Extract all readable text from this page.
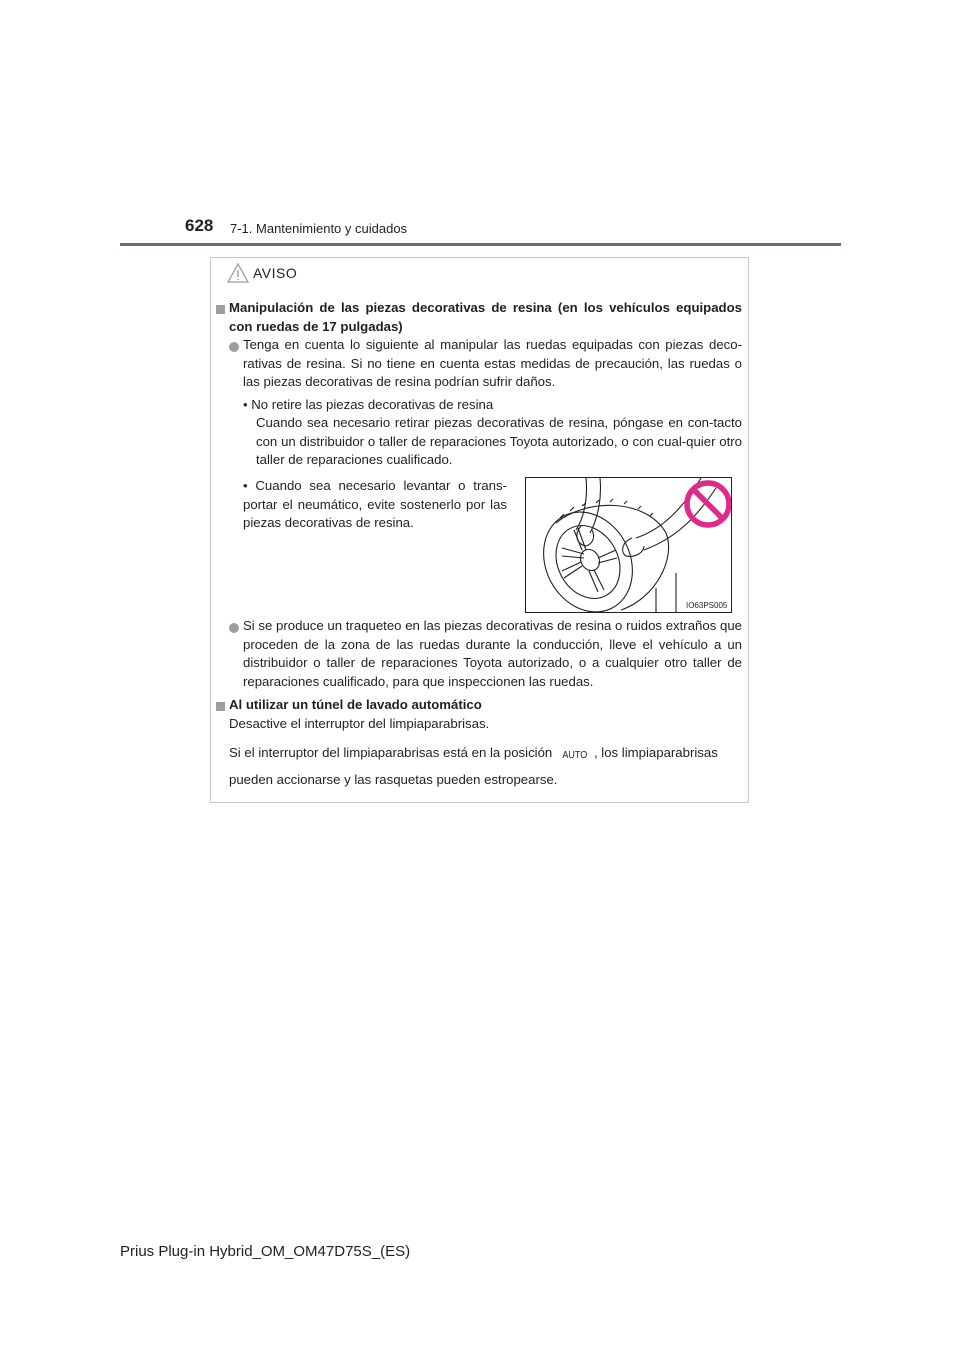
628 7-1. Mantenimiento y cuidados
AVISO
Manipulación de las piezas decorativas de resina (en los vehículos equipados con ruedas de 17 pulgadas)
Tenga en cuenta lo siguiente al manipular las ruedas equipadas con piezas deco-rativas de resina. Si no tiene en cuenta estas medidas de precaución, las ruedas o las piezas decorativas de resina podrían sufrir daños.
• No retire las piezas decorativas de resina
Cuando sea necesario retirar piezas decorativas de resina, póngase en con-tacto con un distribuidor o taller de reparaciones Toyota autorizado, o con cual-quier otro taller de reparaciones cualificado.
• Cuando sea necesario levantar o trans-portar el neumático, evite sostenerlo por las piezas decorativas de resina.
IO63PS005
Si se produce un traqueteo en las piezas decorativas de resina o ruidos extraños que proceden de la zona de las ruedas durante la conducción, lleve el vehículo a un distribuidor o taller de reparaciones Toyota autorizado, o a cualquier otro taller de reparaciones cualificado, para que inspeccionen las ruedas.
Al utilizar un túnel de lavado automático
Desactive el interruptor del limpiaparabrisas.
Si el interruptor del limpiaparabrisas está en la posición AUTO , los limpiaparabrisas
pueden accionarse y las rasquetas pueden estropearse.
Prius Plug-in Hybrid_OM_OM47D75S_(ES)
